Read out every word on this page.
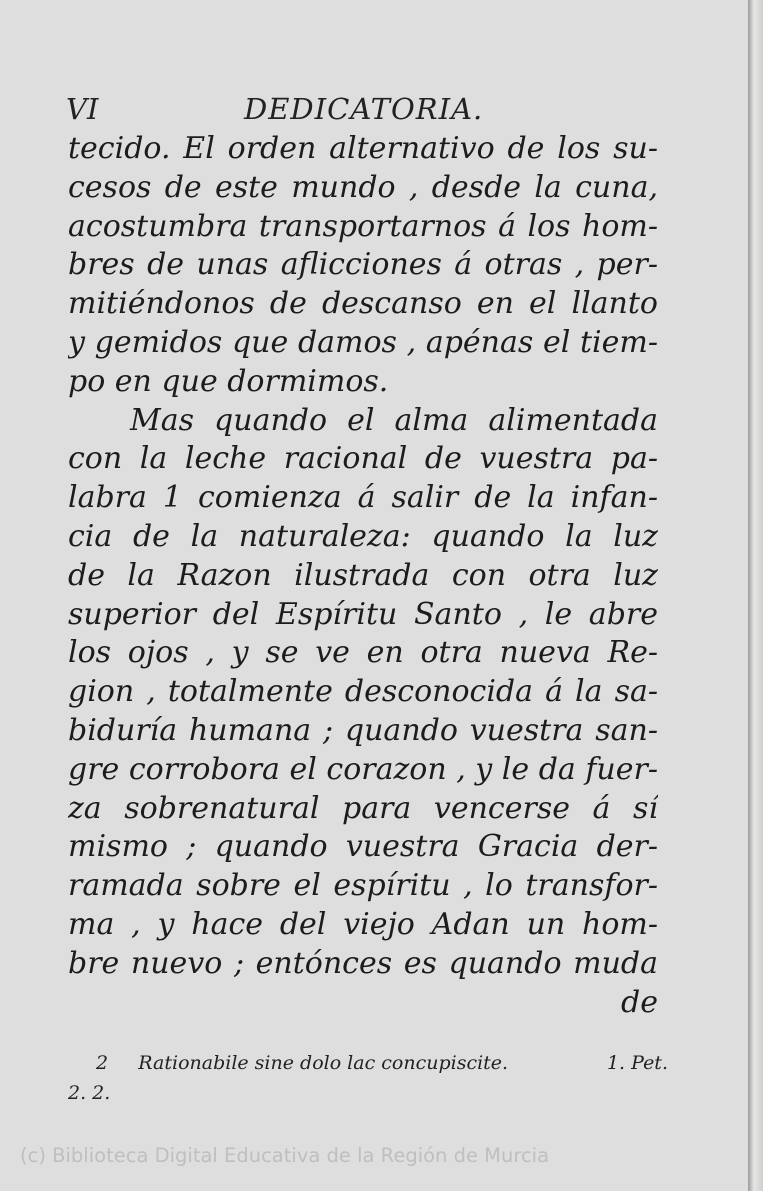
VI	DEDICATORIA.
tecido. El orden alternativo de los su-
cesos de este mundo , desde la cuna,
acostumbra transportarnos á los hom-
bres de unas aflicciones á otras , per-
mitiéndonos de descanso en el llanto
y gemidos que damos , apénas el tiem-
po en que dormimos.
Mas quando el alma alimentada
con la leche racional de vuestra pa-
labra 1 comienza á salir de la infan-
cia de la naturaleza: quando la luz
de la Razon ilustrada con otra luz
superior del Espíritu Santo , le abre
los ojos , y se ve en otra nueva Re-
gion , totalmente desconocida á la sa-
biduría humana ; quando vuestra san-
gre corrobora el corazon , y le da fuer-
za sobrenatural para vencerse á sí
mismo ; quando vuestra Gracia der-
ramada sobre el espíritu , lo transfor-
ma , y hace del viejo Adan un hom-
bre nuevo ; entónces es quando muda
de
2 Rationabile sine dolo lac concupiscite.	1. Pet.
2. 2.
(c) Biblioteca Digital Educativa de la Región de Murcia
